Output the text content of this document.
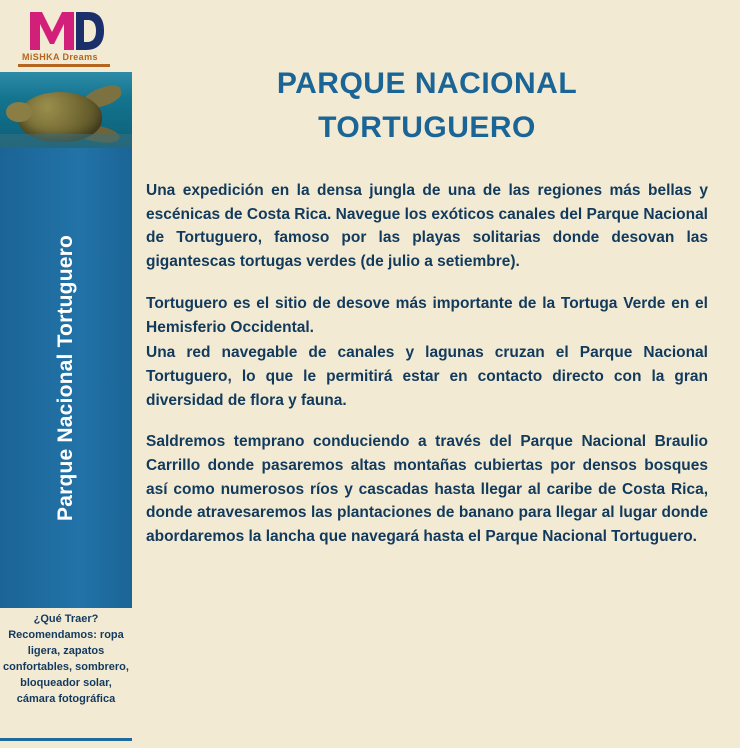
MiSHKA Dreams
Parque Nacional Tortuguero
¿Qué Traer? Recomendamos: ropa ligera, zapatos confortables, sombrero, bloqueador solar, cámara fotográfica
PARQUE NACIONAL
TORTUGUERO

Una expedición en la densa jungla de una de las regiones más bellas y escénicas de Costa Rica. Navegue los exóticos canales del Parque Nacional de Tortuguero, famoso por las playas solitarias donde desovan las gigantescas tortugas verdes (de julio a setiembre).

Tortuguero es el sitio de desove más importante de la Tortuga Verde en el Hemisferio Occidental.

Una red navegable de canales y lagunas cruzan el Parque Nacional Tortuguero, lo que le permitirá estar en contacto directo con la gran diversidad de flora y fauna.

Saldremos temprano conduciendo a través del Parque Nacional Braulio Carrillo donde pasaremos altas montañas cubiertas por densos bosques así como numerosos ríos y cascadas hasta llegar al caribe de Costa Rica, donde atravesaremos las plantaciones de banano para llegar al lugar donde abordaremos la lancha que navegará hasta el Parque Nacional Tortuguero.
